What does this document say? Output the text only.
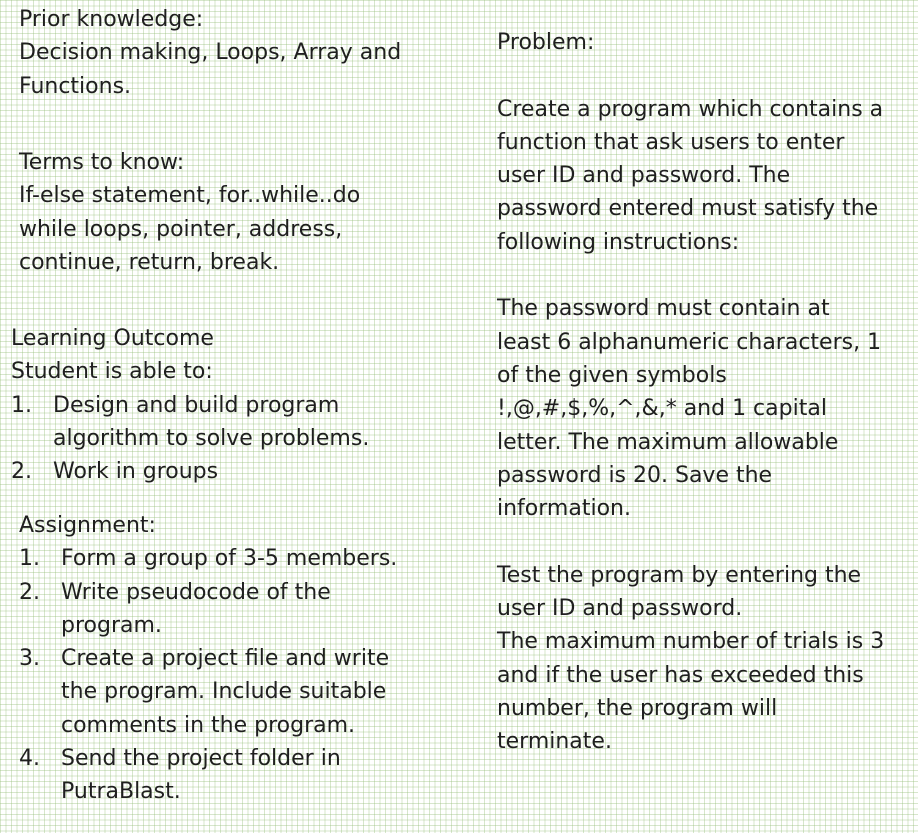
Prior knowledge:
Decision making, Loops, Array and
Functions.
Terms to know:
If-else statement, for..while..do
while loops, pointer, address,
continue, return, break.
Learning Outcome
Student is able to:
1. Design and build program
algorithm to solve problems.
2. Work in groups
Assignment:
1. Form a group of 3-5 members.
2. Write pseudocode of the
program.
3. Create a project file and write
the program. Include suitable
comments in the program.
4. Send the project folder in
PutraBlast.
Problem:
Create a program which contains a
function that ask users to enter
user ID and password. The
password entered must satisfy the
following instructions:
The password must contain at
least 6 alphanumeric characters, 1
of the given symbols
!,@,#,$,%,^,&,* and 1 capital
letter. The maximum allowable
password is 20. Save the
information.
Test the program by entering the
user ID and password.
The maximum number of trials is 3
and if the user has exceeded this
number, the program will
terminate.
